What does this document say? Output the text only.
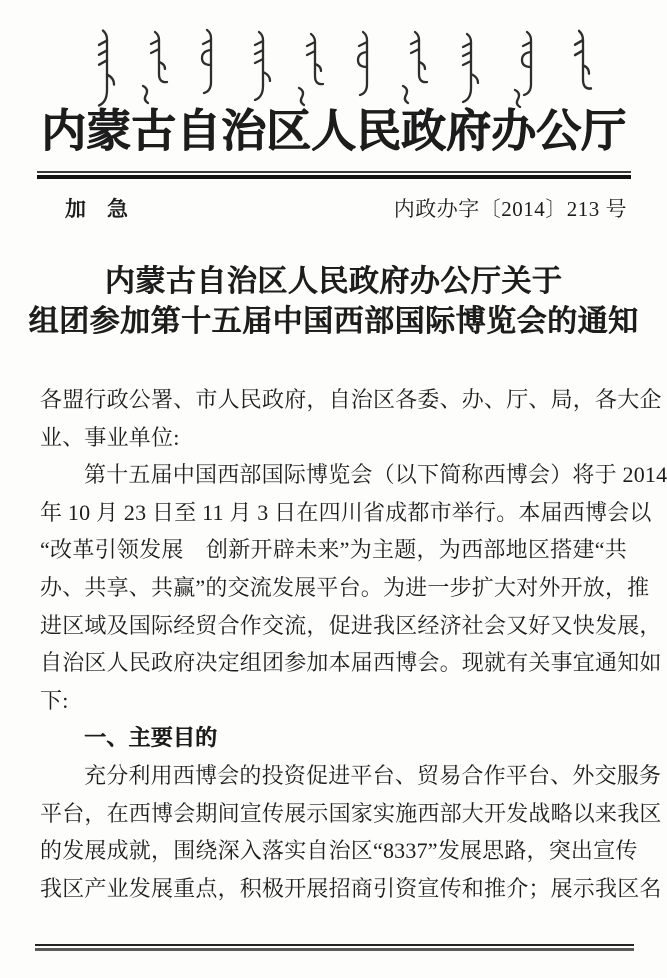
内蒙古自治区人民政府办公厅
加　急	内政办字〔2014〕213 号
内蒙古自治区人民政府办公厅关于
组团参加第十五届中国西部国际博览会的通知
各盟行政公署、市人民政府，自治区各委、办、厅、局，各大企
业、事业单位:
第十五届中国西部国际博览会（以下简称西博会）将于 2014
年 10 月 23 日至 11 月 3 日在四川省成都市举行。本届西博会以
“改革引领发展　创新开辟未来”为主题，为西部地区搭建“共
办、共享、共赢”的交流发展平台。为进一步扩大对外开放，推
进区域及国际经贸合作交流，促进我区经济社会又好又快发展，
自治区人民政府决定组团参加本届西博会。现就有关事宜通知如
下:
一、主要目的
充分利用西博会的投资促进平台、贸易合作平台、外交服务
平台，在西博会期间宣传展示国家实施西部大开发战略以来我区
的发展成就，围绕深入落实自治区“8337”发展思路，突出宣传
我区产业发展重点，积极开展招商引资宣传和推介；展示我区名
